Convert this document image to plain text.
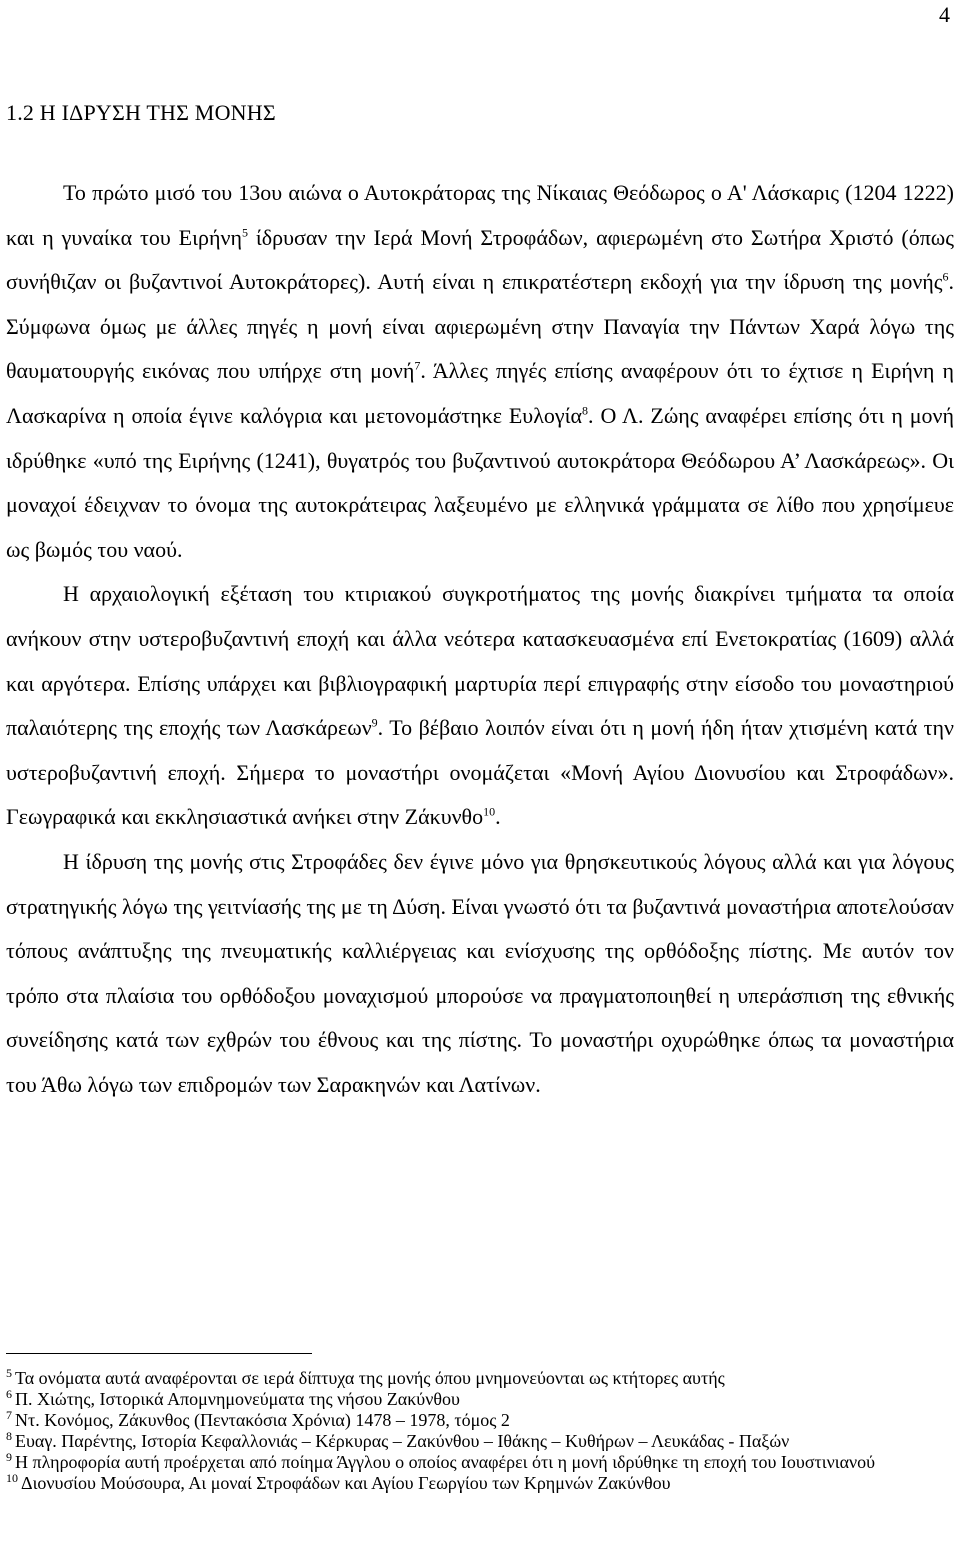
4
1.2 Η ΙΔΡΥΣΗ ΤΗΣ ΜΟΝΗΣ

Το πρώτο μισό του 13ου αιώνα ο Αυτοκράτορας της Νίκαιας Θεόδωρος ο Α' Λάσκαρις (1204 1222) και η γυναίκα του Ειρήνη$^5$ ίδρυσαν την Ιερά Μονή Στροφάδων, αφιερωμένη στο Σωτήρα Χριστό (όπως συνήθιζαν οι βυζαντινοί Αυτοκράτορες). Αυτή είναι η επικρατέστερη εκδοχή για την ίδρυση της μονής$^6$. Σύμφωνα όμως με άλλες πηγές η μονή είναι αφιερωμένη στην Παναγία την Πάντων Χαρά λόγω της θαυματουργής εικόνας που υπήρχε στη μονή$^7$. Άλλες πηγές επίσης αναφέρουν ότι το έχτισε η Ειρήνη η Λασκαρίνα η οποία έγινε καλόγρια και μετονομάστηκε Ευλογία$^8$. Ο Λ. Ζώης αναφέρει επίσης ότι η μονή ιδρύθηκε «υπό της Ειρήνης (1241), θυγατρός του βυζαντινού αυτοκράτορα Θεόδωρου Α’ Λασκάρεως». Οι μοναχοί έδειχναν το όνομα της αυτοκράτειρας λαξευμένο με ελληνικά γράμματα σε λίθο που χρησίμευε ως βωμός του ναού.

Η αρχαιολογική εξέταση του κτιριακού συγκροτήματος της μονής διακρίνει τμήματα τα οποία ανήκουν στην υστεροβυζαντινή εποχή και άλλα νεότερα κατασκευασμένα επί Ενετοκρατίας (1609) αλλά και αργότερα. Επίσης υπάρχει και βιβλιογραφική μαρτυρία περί επιγραφής στην είσοδο του μοναστηριού παλαιότερης της εποχής των Λασκάρεων$^9$. Το βέβαιο λοιπόν είναι ότι η μονή ήδη ήταν χτισμένη κατά την υστεροβυζαντινή εποχή. Σήμερα το μοναστήρι ονομάζεται «Μονή Αγίου Διονυσίου και Στροφάδων». Γεωγραφικά και εκκλησιαστικά ανήκει στην Ζάκυνθο$^{10}$.

Η ίδρυση της μονής στις Στροφάδες δεν έγινε μόνο για θρησκευτικούς λόγους αλλά και για λόγους στρατηγικής λόγω της γειτνίασής της με τη Δύση. Είναι γνωστό ότι τα βυζαντινά μοναστήρια αποτελούσαν τόπους ανάπτυξης της πνευματικής καλλιέργειας και ενίσχυσης της ορθόδοξης πίστης. Με αυτόν τον τρόπο στα πλαίσια του ορθόδοξου μοναχισμού μπορούσε να πραγματοποιηθεί η υπεράσπιση της εθνικής συνείδησης κατά των εχθρών του έθνους και της πίστης. Το μοναστήρι οχυρώθηκε όπως τα μοναστήρια του Άθω λόγω των επιδρομών των Σαρακηνών και Λατίνων.

$^5$ Τα ονόματα αυτά αναφέρονται σε ιερά δίπτυχα της μονής όπου μνημονεύονται ως κτήτορες αυτής

$^6$ Π. Χιώτης, Ιστορικά Απομνημονεύματα της νήσου Ζακύνθου

$^7$ Ντ. Κονόμος, Ζάκυνθος (Πεντακόσια Χρόνια) 1478 – 1978, τόμος 2

$^8$ Ευαγ. Παρέντης, Ιστορία Κεφαλλονιάς – Κέρκυρας – Ζακύνθου – Ιθάκης – Κυθήρων – Λευκάδας - Παξών

$^9$ Η πληροφορία αυτή προέρχεται από ποίημα Άγγλου ο οποίος αναφέρει ότι η μονή ιδρύθηκε τη εποχή του Ιουστινιανού

$^{10}$ Διονυσίου Μούσουρα, Αι μοναί Στροφάδων και Αγίου Γεωργίου των Κρημνών Ζακύνθου
